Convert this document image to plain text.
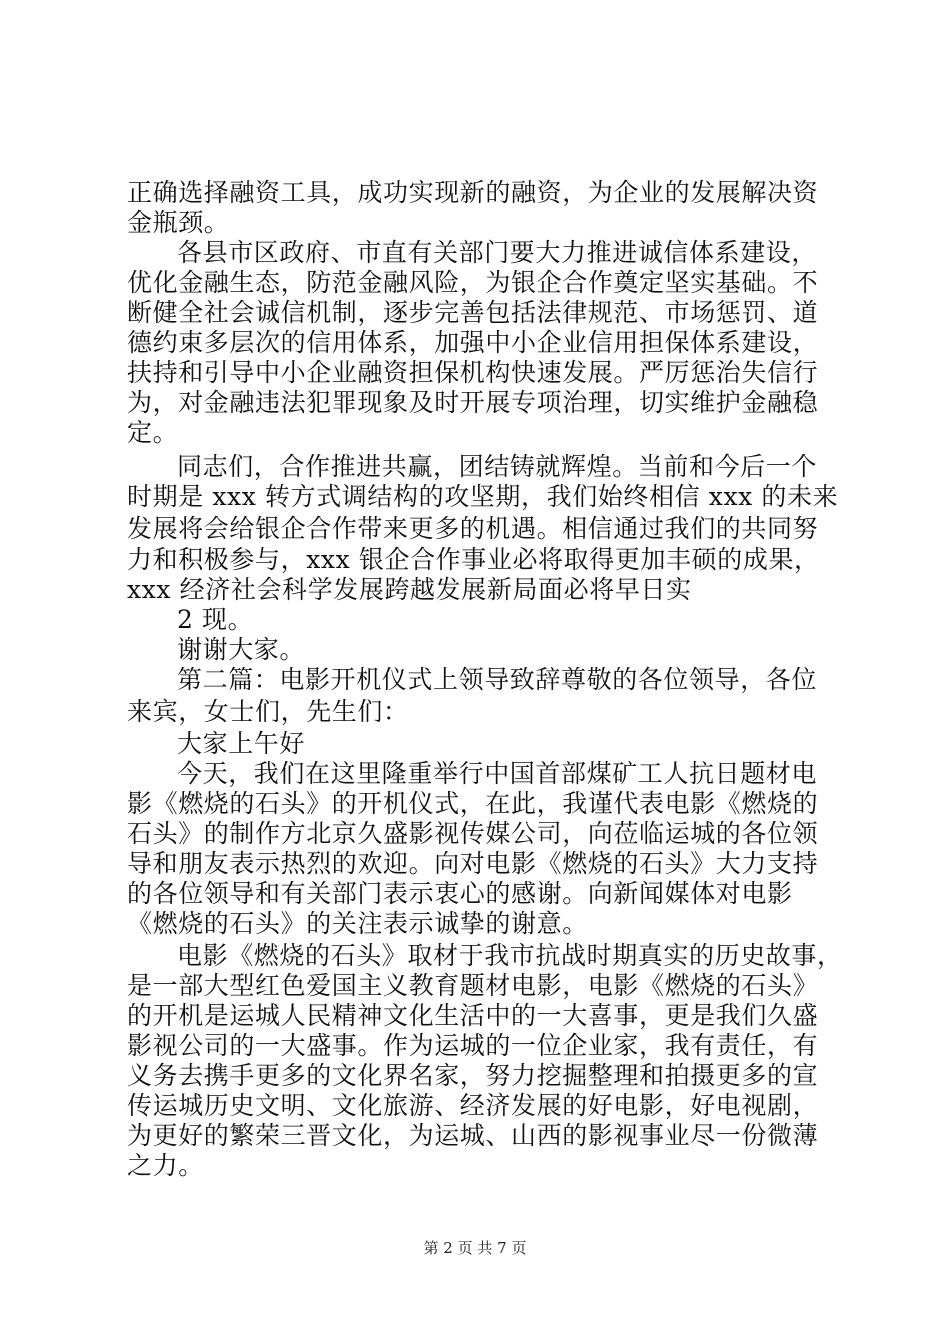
正确选择融资工具，成功实现新的融资，为企业的发展解决资
金瓶颈。
各县市区政府、市直有关部门要大力推进诚信体系建设，
优化金融生态，防范金融风险，为银企合作奠定坚实基础。不
断健全社会诚信机制，逐步完善包括法律规范、市场惩罚、道
德约束多层次的信用体系，加强中小企业信用担保体系建设，
扶持和引导中小企业融资担保机构快速发展。严厉惩治失信行
为，对金融违法犯罪现象及时开展专项治理，切实维护金融稳
定。
同志们，合作推进共赢，团结铸就辉煌。当前和今后一个
时期是 xxx 转方式调结构的攻坚期，我们始终相信 xxx 的未来
发展将会给银企合作带来更多的机遇。相信通过我们的共同努
力和积极参与，xxx 银企合作事业必将取得更加丰硕的成果，
xxx 经济社会科学发展跨越发展新局面必将早日实
2 现。
谢谢大家。
第二篇：电影开机仪式上领导致辞尊敬的各位领导，各位
来宾，女士们，先生们：
大家上午好
今天，我们在这里隆重举行中国首部煤矿工人抗日题材电
影《燃烧的石头》的开机仪式，在此，我谨代表电影《燃烧的
石头》的制作方北京久盛影视传媒公司，向莅临运城的各位领
导和朋友表示热烈的欢迎。向对电影《燃烧的石头》大力支持
的各位领导和有关部门表示衷心的感谢。向新闻媒体对电影
《燃烧的石头》的关注表示诚挚的谢意。
电影《燃烧的石头》取材于我市抗战时期真实的历史故事，
是一部大型红色爱国主义教育题材电影，电影《燃烧的石头》
的开机是运城人民精神文化生活中的一大喜事，更是我们久盛
影视公司的一大盛事。作为运城的一位企业家，我有责任，有
义务去携手更多的文化界名家，努力挖掘整理和拍摄更多的宣
传运城历史文明、文化旅游、经济发展的好电影，好电视剧，
为更好的繁荣三晋文化，为运城、山西的影视事业尽一份微薄
之力。
第 2 页 共 7 页
